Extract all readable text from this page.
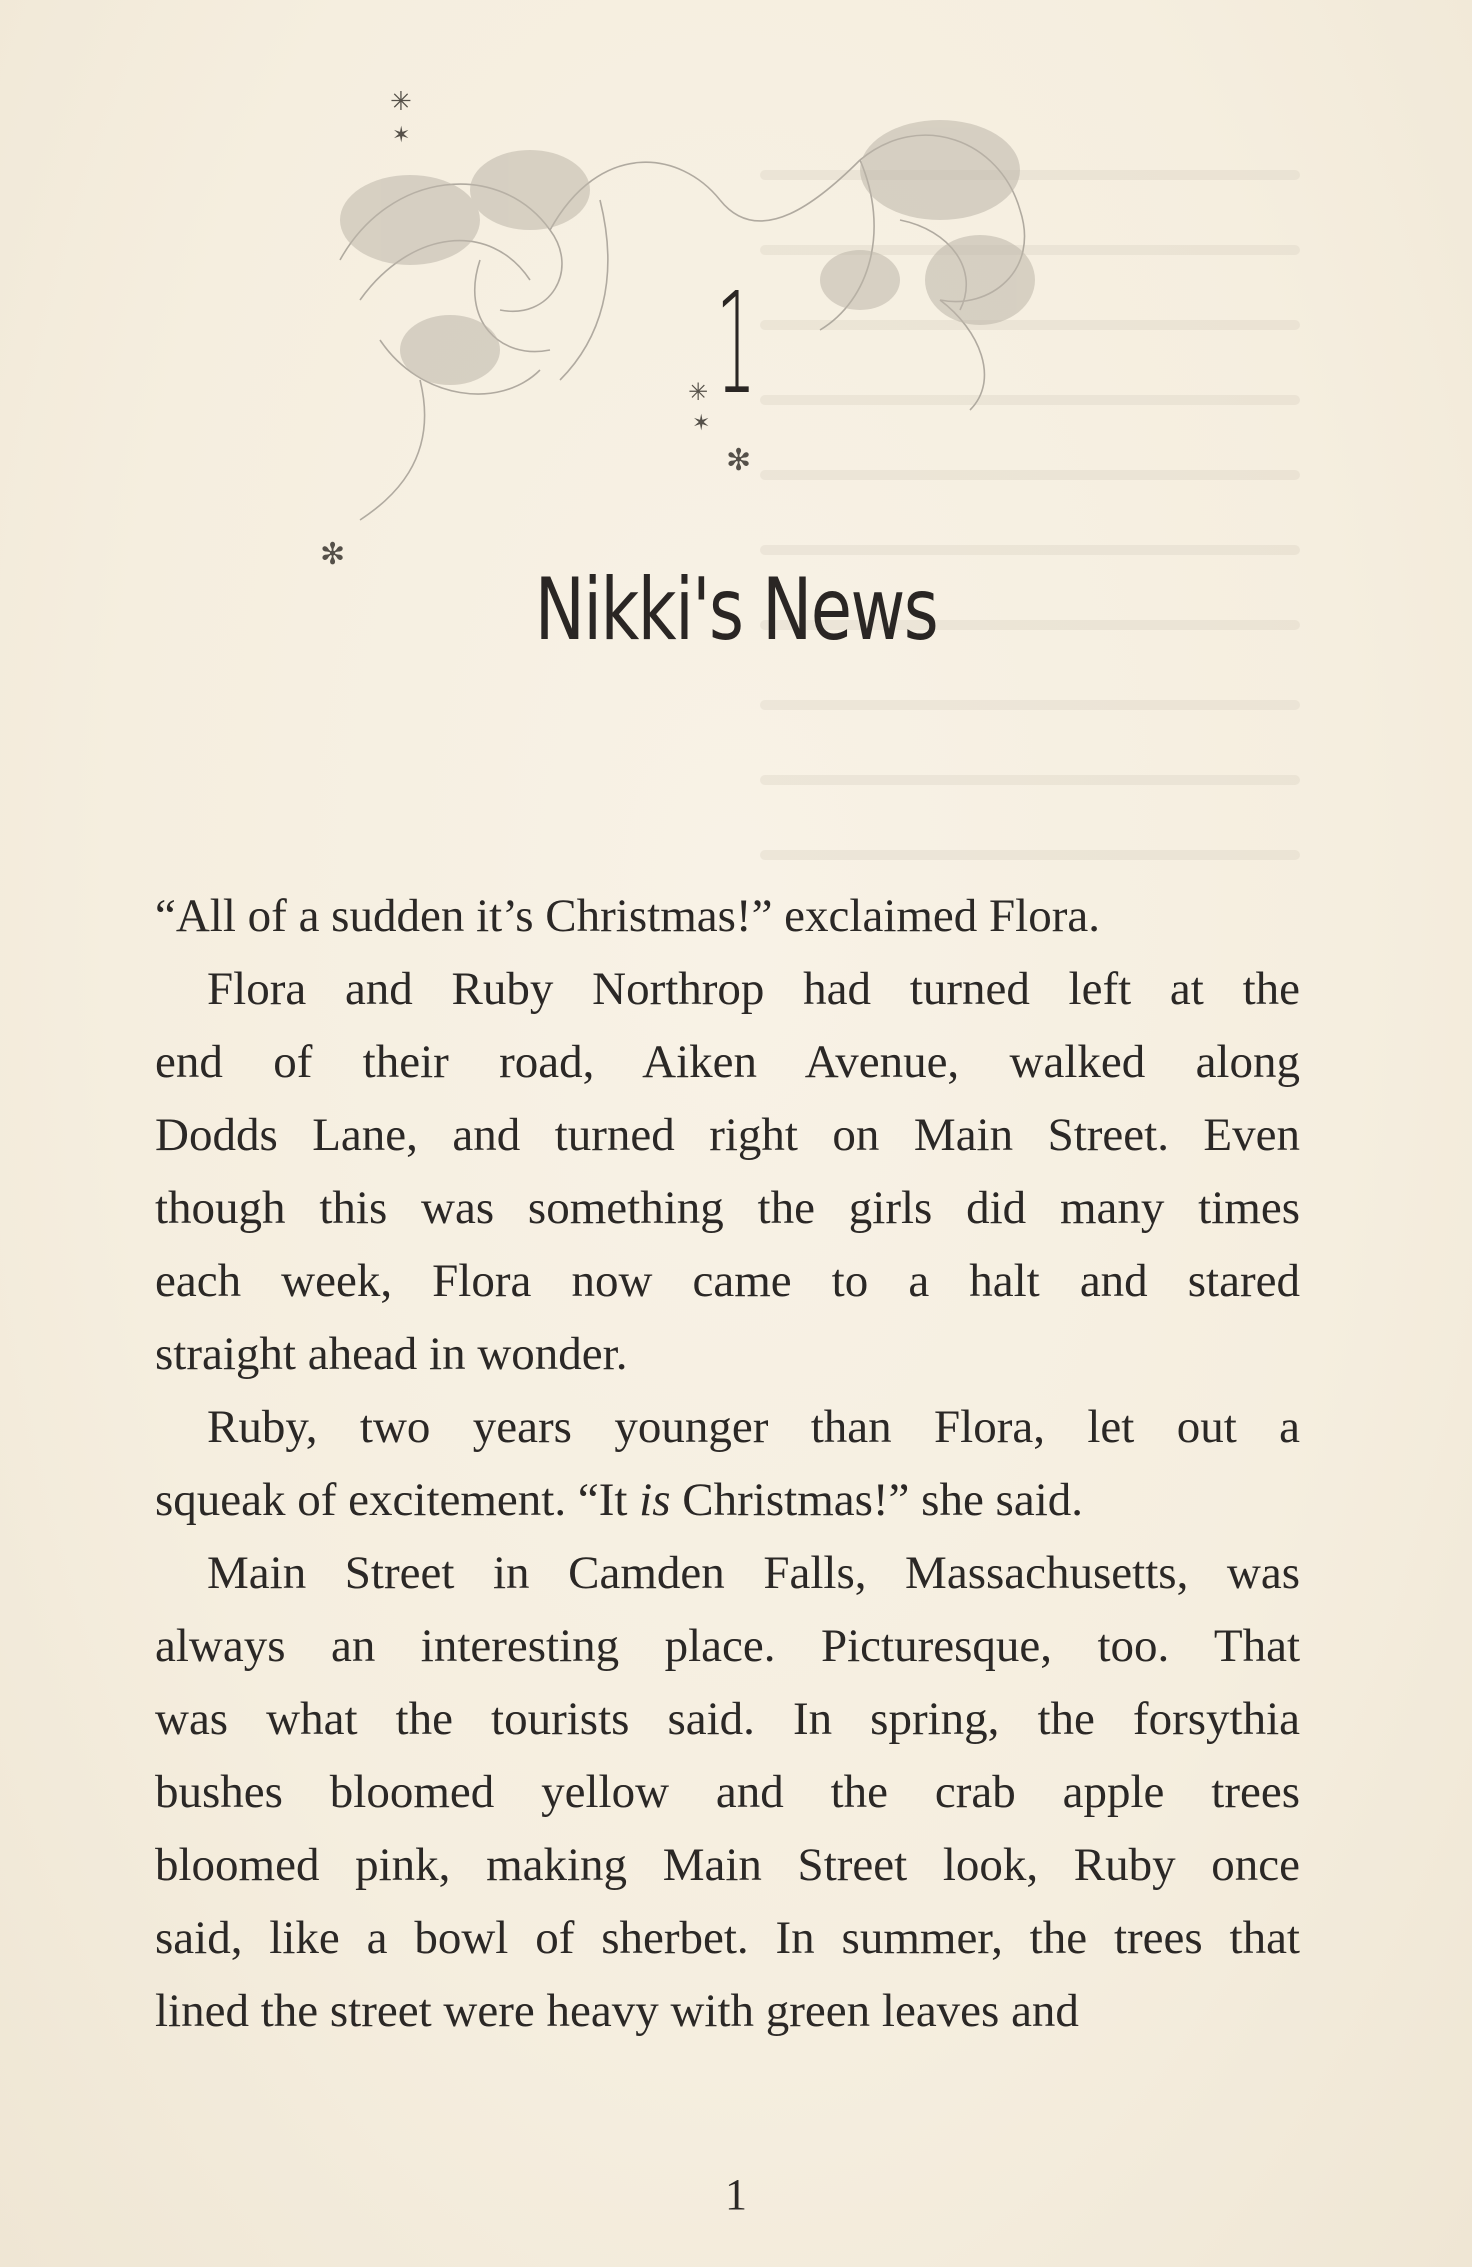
✳
✶
✳
✶
✻
✻
1
Nikki's News
“All of a sudden it’s Christmas!” exclaimed Flora.
Flora and Ruby Northrop had turned left at the
end of their road, Aiken Avenue, walked along
Dodds Lane, and turned right on Main Street. Even
though this was something the girls did many times
each week, Flora now came to a halt and stared
straight ahead in wonder.
Ruby, two years younger than Flora, let out a
squeak of excitement. “It is Christmas!” she said.
Main Street in Camden Falls, Massachusetts, was
always an interesting place. Picturesque, too. That
was what the tourists said. In spring, the forsythia
bushes bloomed yellow and the crab apple trees
bloomed pink, making Main Street look, Ruby once
said, like a bowl of sherbet. In summer, the trees that
lined the street were heavy with green leaves and
1
